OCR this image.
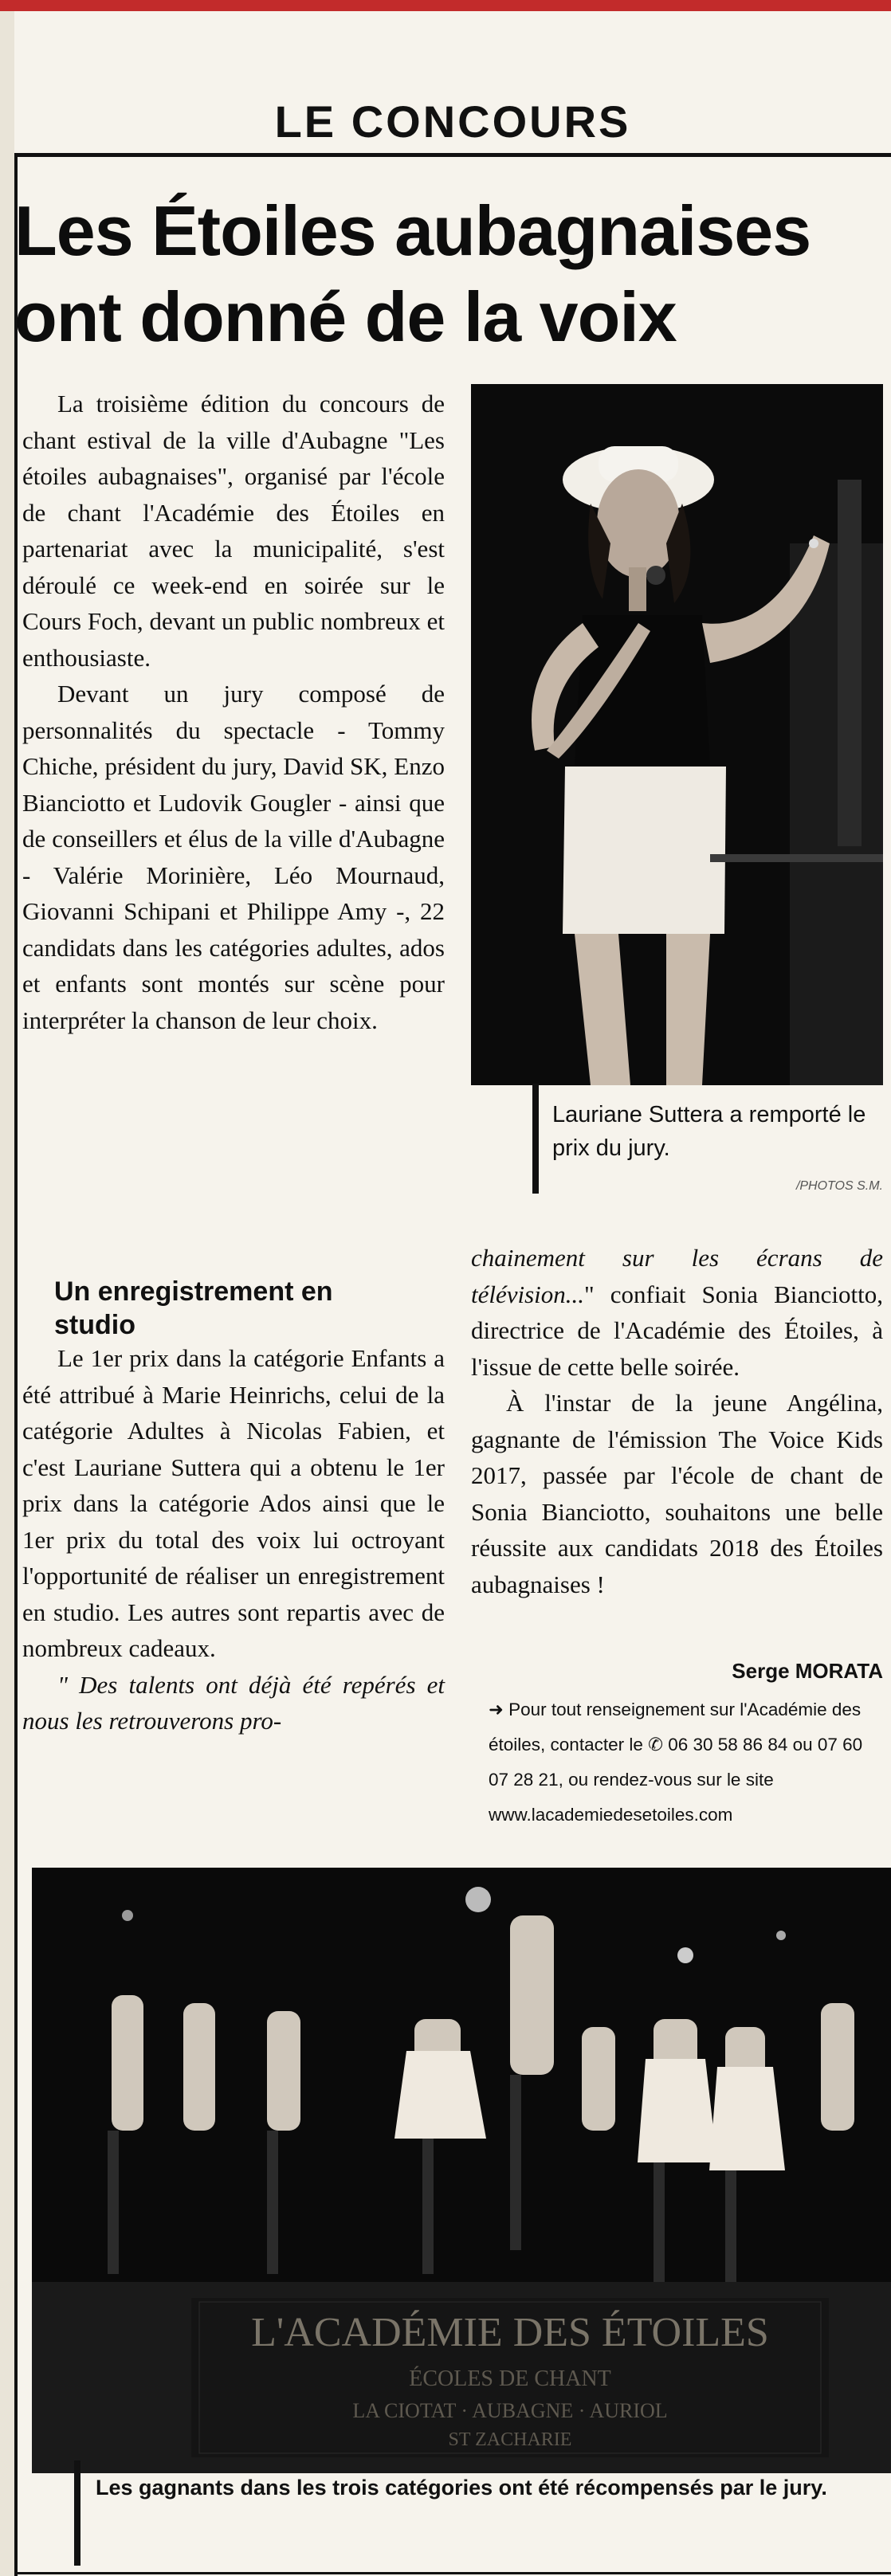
LE CONCOURS
Les Étoiles aubagnaises ont donné de la voix

La troisième édition du concours de chant estival de la ville d'Aubagne "Les étoiles aubagnaises", organisé par l'école de chant l'Académie des Étoiles en partenariat avec la municipalité, s'est déroulé ce week-end en soirée sur le Cours Foch, devant un public nombreux et enthousiaste.

Devant un jury composé de personnalités du spectacle - Tommy Chiche, président du jury, David SK, Enzo Bianciotto et Ludovik Gougler - ainsi que de conseillers et élus de la ville d'Aubagne - Valérie Morinière, Léo Mournaud, Giovanni Schipani et Philippe Amy -, 22 candidats dans les catégories adultes, ados et enfants sont montés sur scène pour interpréter la chanson de leur choix.

Lauriane Suttera a remporté le prix du jury.
/PHOTOS S.M.
Un enregistrement en studio

Le 1er prix dans la catégorie Enfants a été attribué à Marie Heinrichs, celui de la catégorie Adultes à Nicolas Fabien, et c'est Lauriane Suttera qui a obtenu le 1er prix dans la catégorie Ados ainsi que le 1er prix du total des voix lui octroyant l'opportunité de réaliser un enregistrement en studio. Les autres sont repartis avec de nombreux cadeaux.

" Des talents ont déjà été repérés et nous les retrouverons pro-

chainement sur les écrans de télévision..." confiait Sonia Bianciotto, directrice de l'Académie des Étoiles, à l'issue de cette belle soirée.

À l'instar de la jeune Angélina, gagnante de l'émission The Voice Kids 2017, passée par l'école de chant de Sonia Bianciotto, souhaitons une belle réussite aux candidats 2018 des Étoiles aubagnaises !

Serge MORATA
➜ Pour tout renseignement sur l'Académie des étoiles, contacter le ✆ 06 30 58 86 84 ou 07 60 07 28 21, ou rendez-vous sur le site www.lacademiedesetoiles.com
L'ACADÉMIE DES ÉTOILES
ÉCOLES DE CHANT
LA CIOTAT · AUBAGNE · AURIOL
ST ZACHARIE
Les gagnants dans les trois catégories ont été récompensés par le jury.
